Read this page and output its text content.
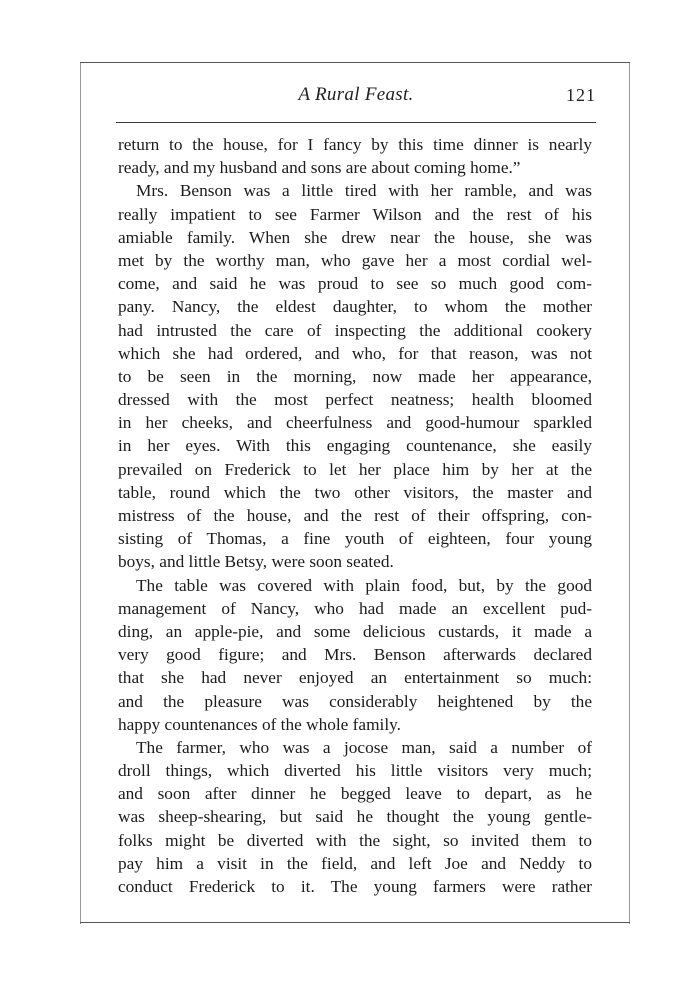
A Rural Feast.	121
return to the house, for I fancy by this time dinner is nearly
ready, and my husband and sons are about coming home.”
Mrs. Benson was a little tired with her ramble, and was
really impatient to see Farmer Wilson and the rest of his
amiable family. When she drew near the house, she was
met by the worthy man, who gave her a most cordial wel-
come, and said he was proud to see so much good com-
pany. Nancy, the eldest daughter, to whom the mother
had intrusted the care of inspecting the additional cookery
which she had ordered, and who, for that reason, was not
to be seen in the morning, now made her appearance,
dressed with the most perfect neatness; health bloomed
in her cheeks, and cheerfulness and good-humour sparkled
in her eyes. With this engaging countenance, she easily
prevailed on Frederick to let her place him by her at the
table, round which the two other visitors, the master and
mistress of the house, and the rest of their offspring, con-
sisting of Thomas, a fine youth of eighteen, four young
boys, and little Betsy, were soon seated.
The table was covered with plain food, but, by the good
management of Nancy, who had made an excellent pud-
ding, an apple-pie, and some delicious custards, it made a
very good figure; and Mrs. Benson afterwards declared
that she had never enjoyed an entertainment so much:
and the pleasure was considerably heightened by the
happy countenances of the whole family.
The farmer, who was a jocose man, said a number of
droll things, which diverted his little visitors very much;
and soon after dinner he begged leave to depart, as he
was sheep-shearing, but said he thought the young gentle-
folks might be diverted with the sight, so invited them to
pay him a visit in the field, and left Joe and Neddy to
conduct Frederick to it. The young farmers were rather
